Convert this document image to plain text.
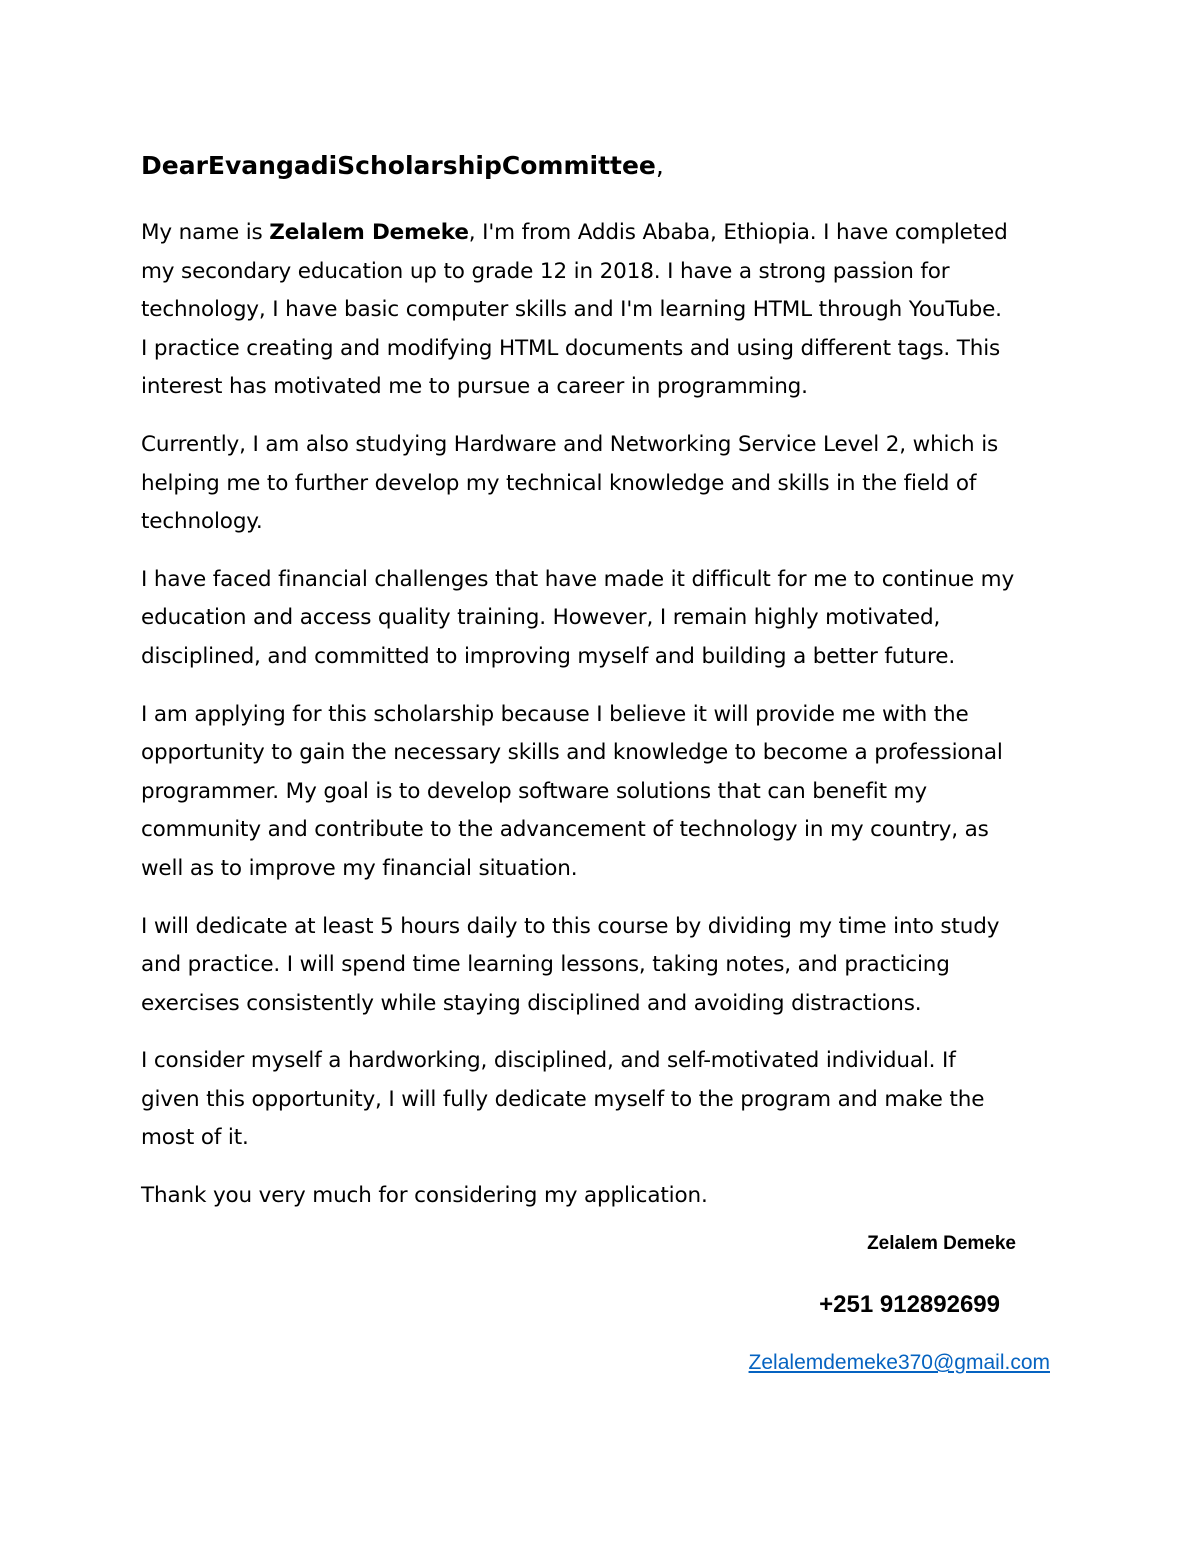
DearEvangadiScholarshipCommittee,
My name is Zelalem Demeke, I'm from Addis Ababa, Ethiopia. I have completed
my secondary education up to grade 12 in 2018. I have a strong passion for
technology, I have basic computer skills and I'm learning HTML through YouTube.
I practice creating and modifying HTML documents and using different tags. This
interest has motivated me to pursue a career in programming.
Currently, I am also studying Hardware and Networking Service Level 2, which is
helping me to further develop my technical knowledge and skills in the field of
technology.
I have faced financial challenges that have made it difficult for me to continue my
education and access quality training. However, I remain highly motivated,
disciplined, and committed to improving myself and building a better future.
I am applying for this scholarship because I believe it will provide me with the
opportunity to gain the necessary skills and knowledge to become a professional
programmer. My goal is to develop software solutions that can benefit my
community and contribute to the advancement of technology in my country, as
well as to improve my financial situation.
I will dedicate at least 5 hours daily to this course by dividing my time into study
and practice. I will spend time learning lessons, taking notes, and practicing
exercises consistently while staying disciplined and avoiding distractions.
I consider myself a hardworking, disciplined, and self-motivated individual. If
given this opportunity, I will fully dedicate myself to the program and make the
most of it.
Thank you very much for considering my application.
Zelalem Demeke
+251 912892699
Zelalemdemeke370@gmail.com
